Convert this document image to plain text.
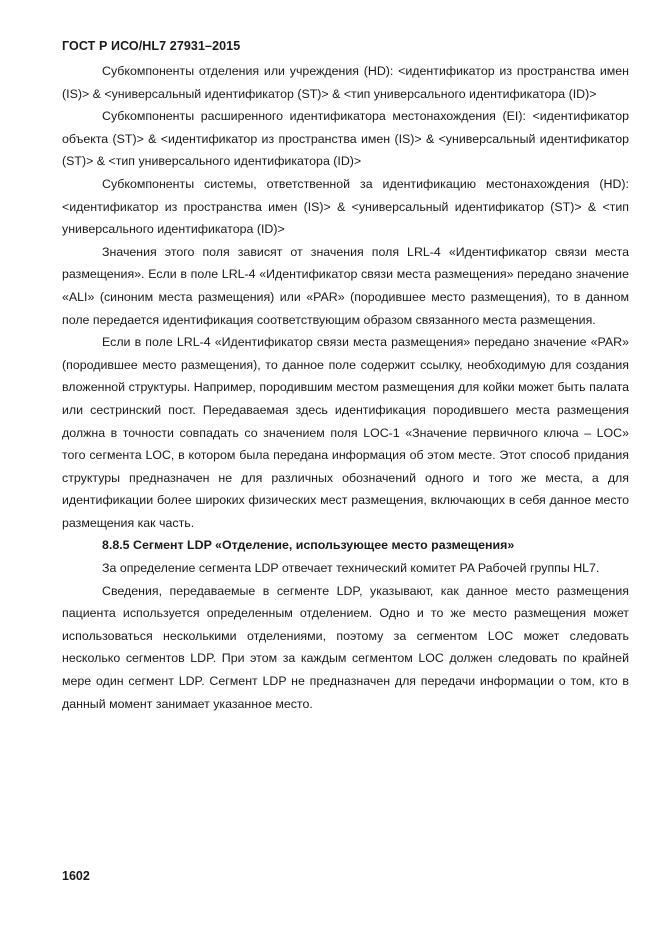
ГОСТ Р ИСО/HL7 27931–2015

Субкомпоненты отделения или учреждения (HD): <идентификатор из пространства имен (IS)> & <универсальный идентификатор (ST)> & <тип универсального идентификатора (ID)>

Субкомпоненты расширенного идентификатора местонахождения (EI): <идентификатор объекта (ST)> & <идентификатор из пространства имен (IS)> & <универсальный идентификатор (ST)> & <тип универсального идентификатора (ID)>

Субкомпоненты системы, ответственной за идентификацию местонахождения (HD): <идентификатор из пространства имен (IS)> & <универсальный идентификатор (ST)> & <тип универсального идентификатора (ID)>

Значения этого поля зависят от значения поля LRL-4 «Идентификатор связи места размещения». Если в поле LRL-4 «Идентификатор связи места размещения» передано значение «ALI» (синоним места размещения) или «PAR» (породившее место размещения), то в данном поле передается идентификация соответствующим образом связанного места размещения.

Если в поле LRL-4 «Идентификатор связи места размещения» передано значение «PAR» (породившее место размещения), то данное поле содержит ссылку, необходимую для создания вложенной структуры. Например, породившим местом размещения для койки может быть палата или сестринский пост. Передаваемая здесь идентификация породившего места размещения должна в точности совпадать со значением поля LOC-1 «Значение первичного ключа – LOC» того сегмента LOC, в котором была передана информация об этом месте. Этот способ придания структуры предназначен не для различных обозначений одного и того же места, а для идентификации более широких физических мест размещения, включающих в себя данное место размещения как часть.

8.8.5 Сегмент LDP «Отделение, использующее место размещения»

За определение сегмента LDP отвечает технический комитет PA Рабочей группы HL7.

Сведения, передаваемые в сегменте LDP, указывают, как данное место размещения пациента используется определенным отделением. Одно и то же место размещения может использоваться несколькими отделениями, поэтому за сегментом LOC может следовать несколько сегментов LDP. При этом за каждым сегментом LOC должен следовать по крайней мере один сегмент LDP. Сегмент LDP не предназначен для передачи информации о том, кто в данный момент занимает указанное место.

1602
